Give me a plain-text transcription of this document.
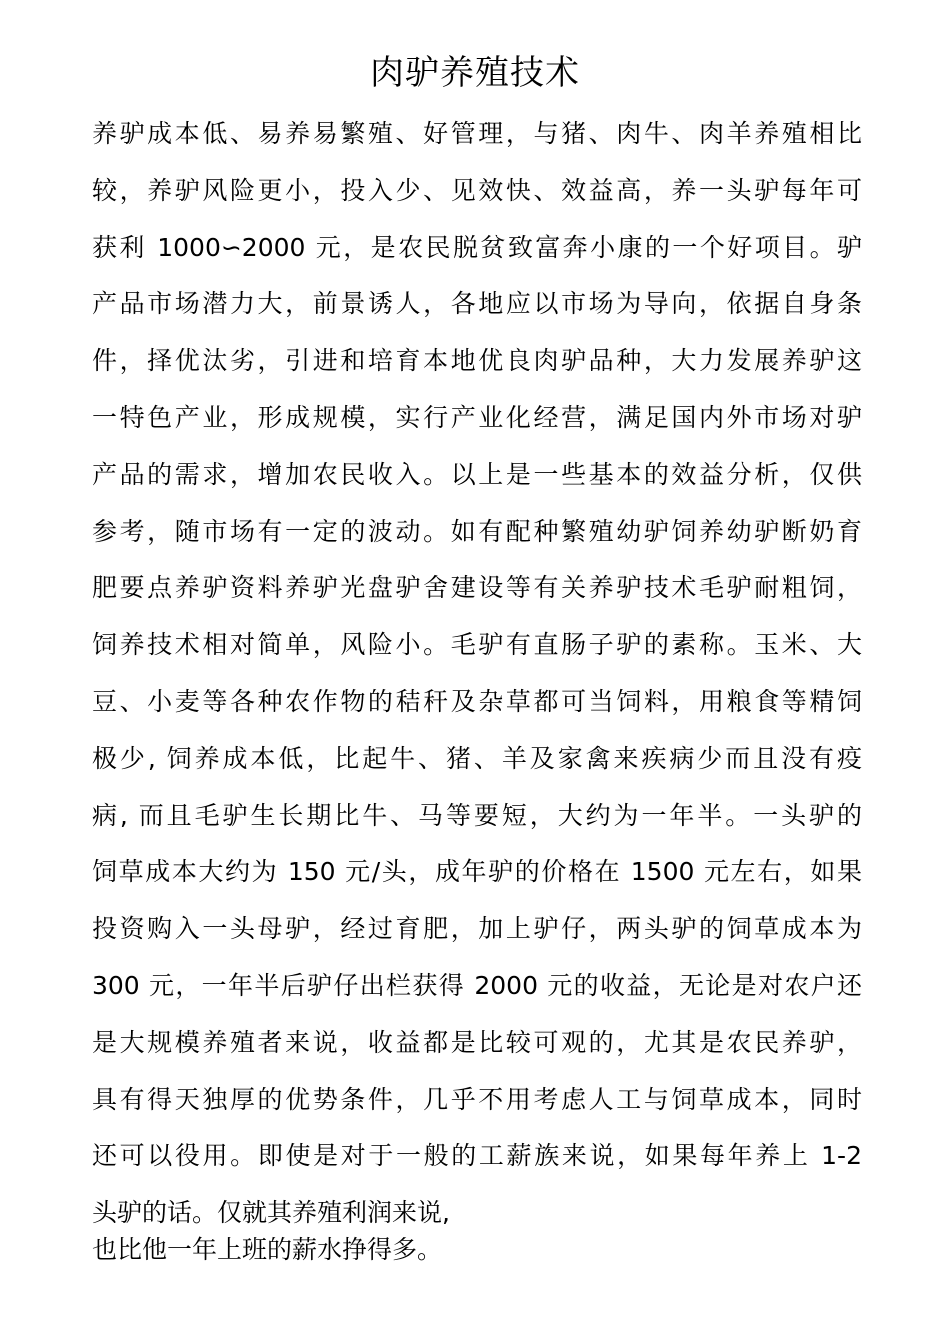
肉驴养殖技术
养驴成本低、易养易繁殖、好管理，与猪、肉牛、肉羊养殖相比
较，养驴风险更小，投入少、见效快、效益高，养一头驴每年可
获利 1000∽2000 元，是农民脱贫致富奔小康的一个好项目。驴
产品市场潜力大，前景诱人，各地应以市场为导向，依据自身条
件，择优汰劣，引进和培育本地优良肉驴品种，大力发展养驴这
一特色产业，形成规模，实行产业化经营，满足国内外市场对驴
产品的需求，增加农民收入。以上是一些基本的效益分析，仅供
参考，随市场有一定的波动。如有配种繁殖幼驴饲养幼驴断奶育
肥要点养驴资料养驴光盘驴舍建设等有关养驴技术毛驴耐粗饲，
饲养技术相对简单，风险小。毛驴有直肠子驴的素称。玉米、大
豆、小麦等各种农作物的秸秆及杂草都可当饲料，用粮食等精饲
极少, 饲养成本低，比起牛、猪、羊及家禽来疾病少而且没有疫
病, 而且毛驴生长期比牛、马等要短，大约为一年半。一头驴的
饲草成本大约为 150 元/头，成年驴的价格在 1500 元左右，如果
投资购入一头母驴，经过育肥，加上驴仔，两头驴的饲草成本为
300 元，一年半后驴仔出栏获得 2000 元的收益，无论是对农户还
是大规模养殖者来说，收益都是比较可观的，尤其是农民养驴，
具有得天独厚的优势条件，几乎不用考虑人工与饲草成本，同时
还可以役用。即使是对于一般的工薪族来说，如果每年养上 1-2
头驴的话。仅就其养殖利润来说,
也比他一年上班的薪水挣得多。
